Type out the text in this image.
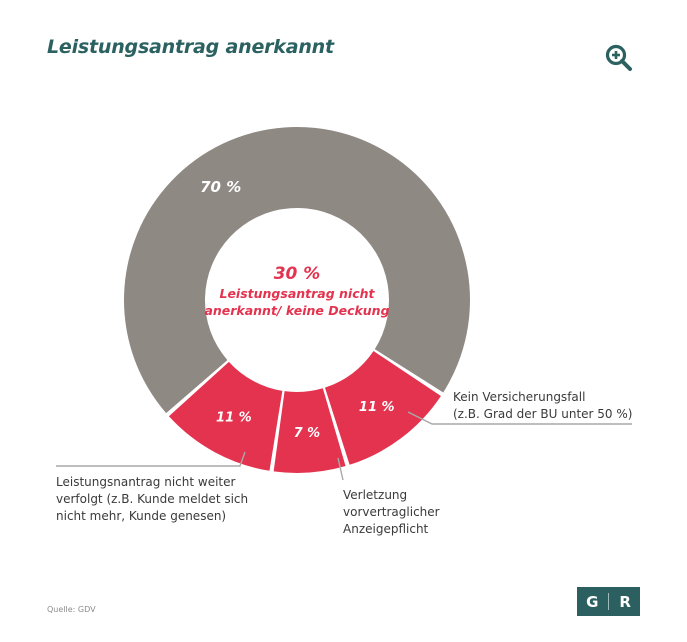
Leistungsantrag anerkannt
11 %
7 %
11 %
70 %
30 %
Leistungsantrag nicht
anerkannt/ keine Deckung
Kein Versicherungsfall (z.B. Grad der BU unter 50 %)
Verletzung vorvertraglicher Anzeigepflicht
Leistungsnantrag nicht weiter verfolgt (z.B. Kunde meldet sich nicht mehr, Kunde genesen)
Quelle: GDV	G R
